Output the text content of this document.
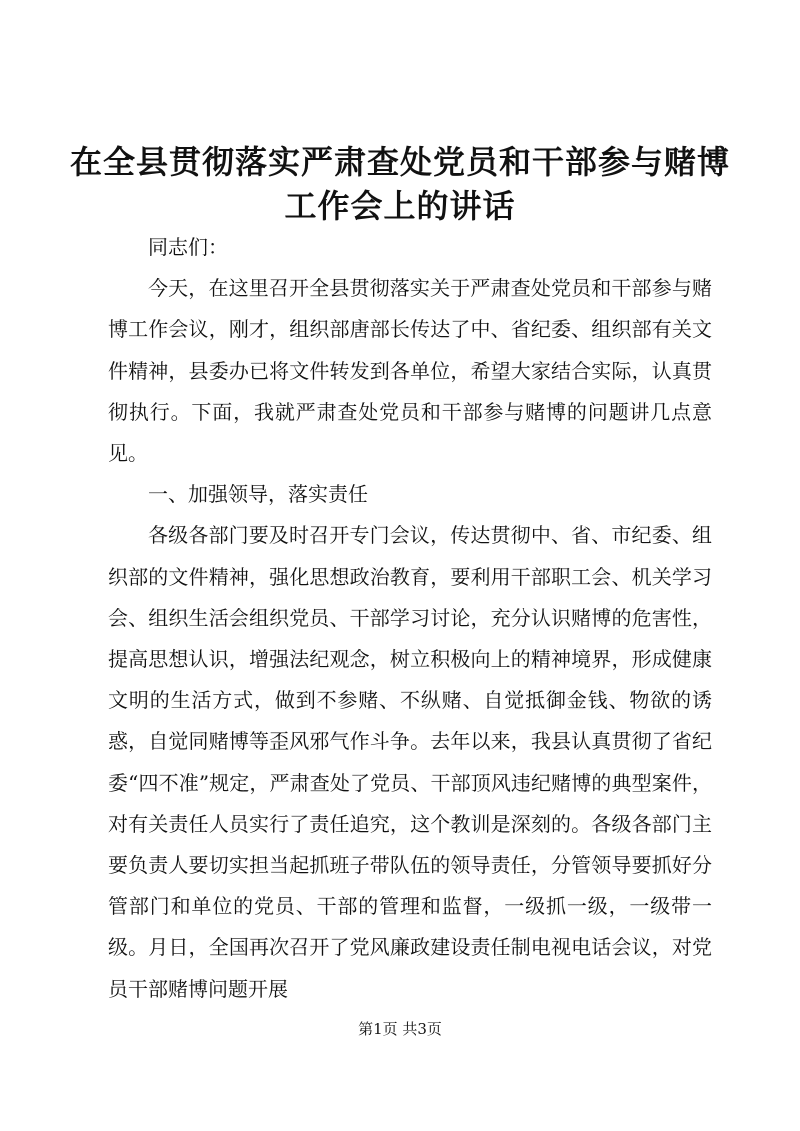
在全县贯彻落实严肃查处党员和干部参与赌博
工作会上的讲话

同志们：

今天，在这里召开全县贯彻落实关于严肃查处党员和干部参与赌博工作会议，刚才，组织部唐部长传达了中、省纪委、组织部有关文件精神，县委办已将文件转发到各单位，希望大家结合实际，认真贯彻执行。下面，我就严肃查处党员和干部参与赌博的问题讲几点意见。

一、加强领导，落实责任

各级各部门要及时召开专门会议，传达贯彻中、省、市纪委、组织部的文件精神，强化思想政治教育，要利用干部职工会、机关学习会、组织生活会组织党员、干部学习讨论，充分认识赌博的危害性，提高思想认识，增强法纪观念，树立积极向上的精神境界，形成健康文明的生活方式，做到不参赌、不纵赌、自觉抵御金钱、物欲的诱惑，自觉同赌博等歪风邪气作斗争。去年以来，我县认真贯彻了省纪委“四不准”规定，严肃查处了党员、干部顶风违纪赌博的典型案件，对有关责任人员实行了责任追究，这个教训是深刻的。各级各部门主要负责人要切实担当起抓班子带队伍的领导责任，分管领导要抓好分管部门和单位的党员、干部的管理和监督，一级抓一级，一级带一级。月日，全国再次召开了党风廉政建设责任制电视电话会议，对党员干部赌博问题开展

第1页 共3页
